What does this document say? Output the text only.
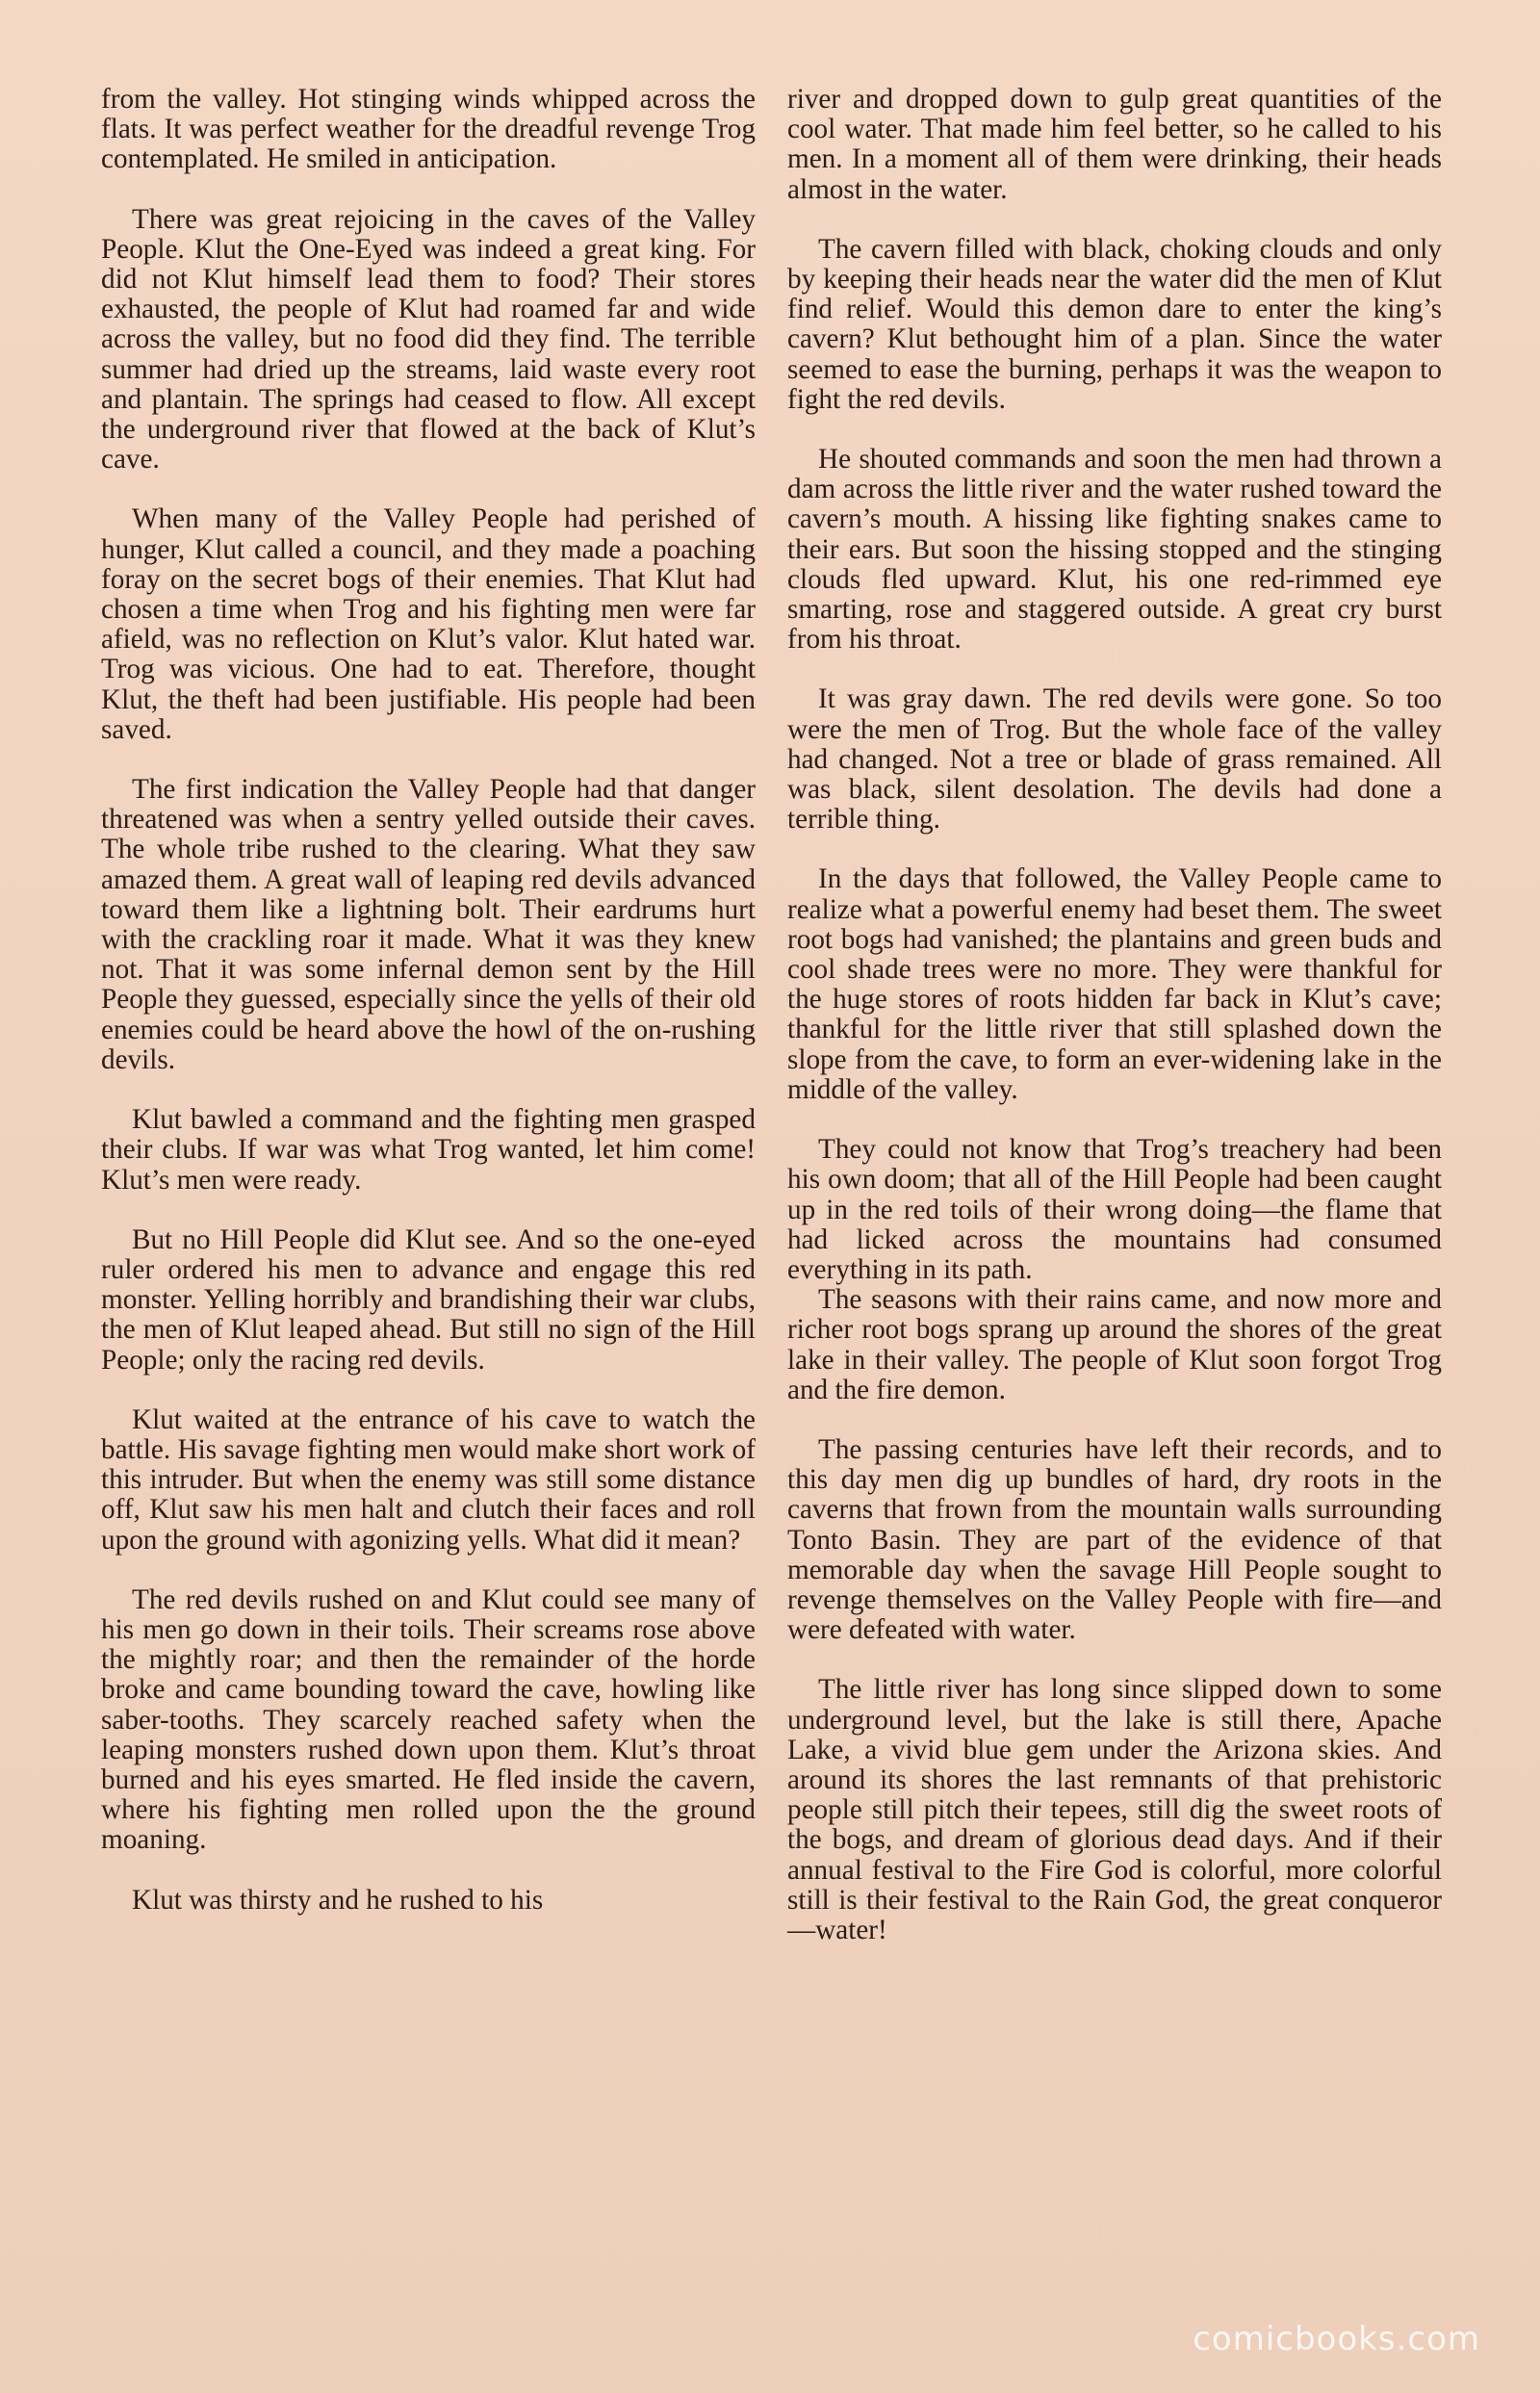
from the valley. Hot stinging winds whipped across the flats. It was perfect weather for the dreadful revenge Trog contemplated. He smiled in anticipation.

There was great rejoicing in the caves of the Valley People. Klut the One-Eyed was indeed a great king. For did not Klut himself lead them to food? Their stores exhausted, the people of Klut had roamed far and wide across the valley, but no food did they find. The terrible summer had dried up the streams, laid waste every root and plantain. The springs had ceased to flow. All except the underground river that flowed at the back of Klut’s cave.

When many of the Valley People had perished of hunger, Klut called a council, and they made a poaching foray on the secret bogs of their enemies. That Klut had chosen a time when Trog and his fighting men were far afield, was no reflection on Klut’s valor. Klut hated war. Trog was vicious. One had to eat. Therefore, thought Klut, the theft had been justifiable. His people had been saved.

The first indication the Valley People had that danger threatened was when a sentry yelled outside their caves. The whole tribe rushed to the clearing. What they saw amazed them. A great wall of leaping red devils advanced toward them like a lightning bolt. Their eardrums hurt with the crackling roar it made. What it was they knew not. That it was some infernal demon sent by the Hill People they guessed, especially since the yells of their old enemies could be heard above the howl of the on-rushing devils.

Klut bawled a command and the fighting men grasped their clubs. If war was what Trog wanted, let him come! Klut’s men were ready.

But no Hill People did Klut see. And so the one-eyed ruler ordered his men to advance and engage this red monster. Yelling horribly and brandishing their war clubs, the men of Klut leaped ahead. But still no sign of the Hill People; only the racing red devils.

Klut waited at the entrance of his cave to watch the battle. His savage fighting men would make short work of this intruder. But when the enemy was still some distance off, Klut saw his men halt and clutch their faces and roll upon the ground with agonizing yells. What did it mean?

The red devils rushed on and Klut could see many of his men go down in their toils. Their screams rose above the mightly roar; and then the remainder of the horde broke and came bounding toward the cave, howling like saber-tooths. They scarcely reached safety when the leaping monsters rushed down upon them. Klut’s throat burned and his eyes smarted. He fled inside the cavern, where his fighting men rolled upon the the ground moaning.

Klut was thirsty and he rushed to his

river and dropped down to gulp great quantities of the cool water. That made him feel better, so he called to his men. In a moment all of them were drinking, their heads almost in the water.

The cavern filled with black, choking clouds and only by keeping their heads near the water did the men of Klut find relief. Would this demon dare to enter the king’s cavern? Klut bethought him of a plan. Since the water seemed to ease the burning, perhaps it was the weapon to fight the red devils.

He shouted commands and soon the men had thrown a dam across the little river and the water rushed toward the cavern’s mouth. A hissing like fighting snakes came to their ears. But soon the hissing stopped and the stinging clouds fled upward. Klut, his one red-rimmed eye smarting, rose and staggered outside. A great cry burst from his throat.

It was gray dawn. The red devils were gone. So too were the men of Trog. But the whole face of the valley had changed. Not a tree or blade of grass remained. All was black, silent desolation. The devils had done a terrible thing.

In the days that followed, the Valley People came to realize what a powerful enemy had beset them. The sweet root bogs had vanished; the plantains and green buds and cool shade trees were no more. They were thankful for the huge stores of roots hidden far back in Klut’s cave; thankful for the little river that still splashed down the slope from the cave, to form an ever-widening lake in the middle of the valley.

They could not know that Trog’s treachery had been his own doom; that all of the Hill People had been caught up in the red toils of their wrong doing—the flame that had licked across the mountains had consumed everything in its path.

The seasons with their rains came, and now more and richer root bogs sprang up around the shores of the great lake in their valley. The people of Klut soon forgot Trog and the fire demon.

The passing centuries have left their records, and to this day men dig up bundles of hard, dry roots in the caverns that frown from the mountain walls surrounding Tonto Basin. They are part of the evidence of that memorable day when the savage Hill People sought to revenge themselves on the Valley People with fire—and were defeated with water.

The little river has long since slipped down to some underground level, but the lake is still there, Apache Lake, a vivid blue gem under the Arizona skies. And around its shores the last remnants of that prehistoric people still pitch their tepees, still dig the sweet roots of the bogs, and dream of glorious dead days. And if their annual festival to the Fire God is colorful, more colorful still is their festival to the Rain God, the great conqueror—water!

comicbooks.com
